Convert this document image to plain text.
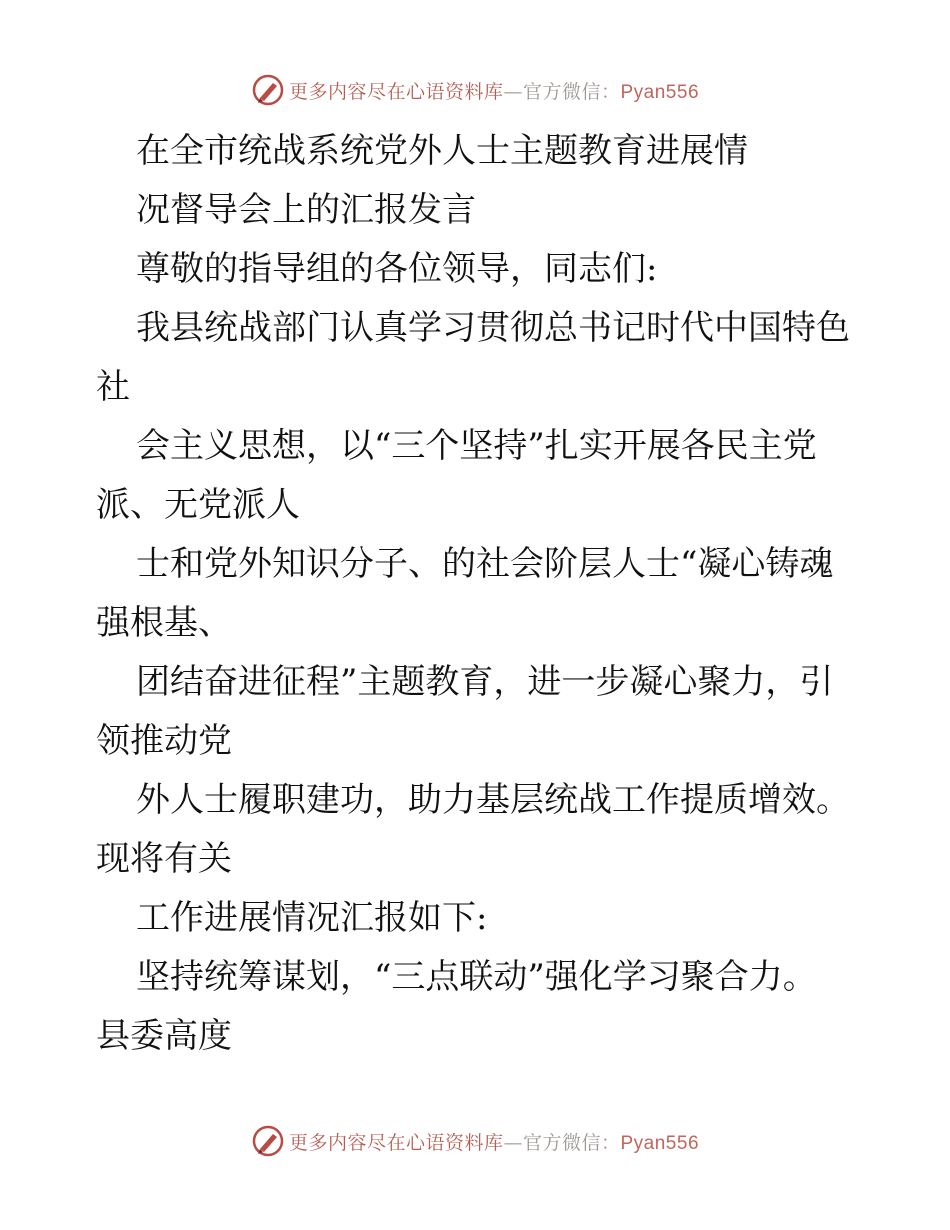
更多内容尽在心语资料库—官方微信：Pyan556
在全市统战系统党外人士主题教育进展情
况督导会上的汇报发言
尊敬的指导组的各位领导，同志们:
我县统战部门认真学习贯彻总书记时代中国特色
社
会主义思想，以“三个坚持”扎实开展各民主党
派、无党派人
士和党外知识分子、的社会阶层人士“凝心铸魂
强根基、
团结奋进征程”主题教育，进一步凝心聚力，引
领推动党
外人士履职建功，助力基层统战工作提质增效。
现将有关
工作进展情况汇报如下:
坚持统筹谋划，“三点联动”强化学习聚合力。
县委高度
更多内容尽在心语资料库—官方微信：Pyan556
